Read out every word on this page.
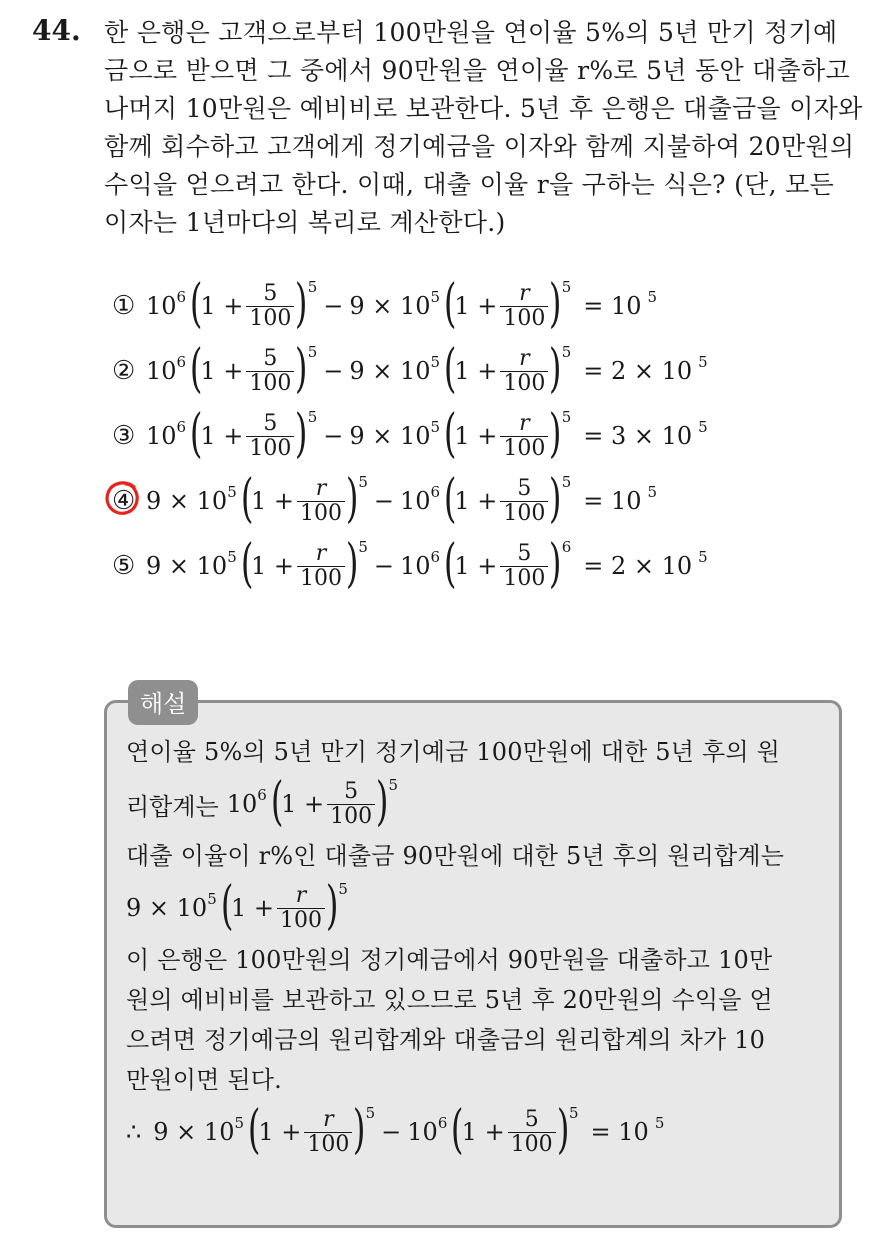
44. 한 은행은 고객으로부터 100만원을 연이율 5%의 5년 만기 정기예
금으로 받으면 그 중에서 90만원을 연이율 r%로 5년 동안 대출하고
나머지 10만원은 예비비로 보관한다. 5년 후 은행은 대출금을 이자와
함께 회수하고 고객에게 정기예금을 이자와 함께 지불하여 20만원의
수익을 얻으려고 한다. 이때, 대출 이율 r을 구하는 식은? (단, 모든
이자는 1년마다의 복리로 계산한다.)
① $10^6$ (
$1 + \frac{5}{100}$ ) 5
− $9 \times 10^5$ (
$1 + \frac{r}{100}$ ) 5
= 10 $^5$
② $10^6$ (
$1 + \frac{5}{100}$ ) 5
− $9 \times 10^5$ (
$1 + \frac{r}{100}$ ) 5
= 2 × 10 $^5$
③ $10^6$ (
$1 + \frac{5}{100}$ ) 5
− $9 \times 10^5$ (
$1 + \frac{r}{100}$ ) 5
= 3 × 10 $^5$
④ $9 \times 10^5$ (
$1 + \frac{r}{100}$ ) 5
− $10^6$ (
$1 + \frac{5}{100}$ ) 5
= 10 $^5$
⑤ $9 \times 10^5$ (
$1 + \frac{r}{100}$ ) 5
− $10^6$ (
$1 + \frac{5}{100}$ ) 6
= 2 × 10 $^5$
해설
연이율 5%의 5년 만기 정기예금 100만원에 대한 5년 후의 원
리합계는 $10^6$ (
$1 + \frac{5}{100}$ ) 5
대출 이율이 r%인 대출금 90만원에 대한 5년 후의 원리합계는
$9 \times 10^5$ (
$1 + \frac{r}{100}$ ) 5
이 은행은 100만원의 정기예금에서 90만원을 대출하고 10만
원의 예비비를 보관하고 있으므로 5년 후 20만원의 수익을 얻
으려면 정기예금의 원리합계와 대출금의 원리합계의 차가 10
만원이면 된다.
∴ $9 \times 10^5$ (
$1 + \frac{r}{100}$ ) 5
− $10^6$ (
$1 + \frac{5}{100}$ ) 5
= 10 $^5$
